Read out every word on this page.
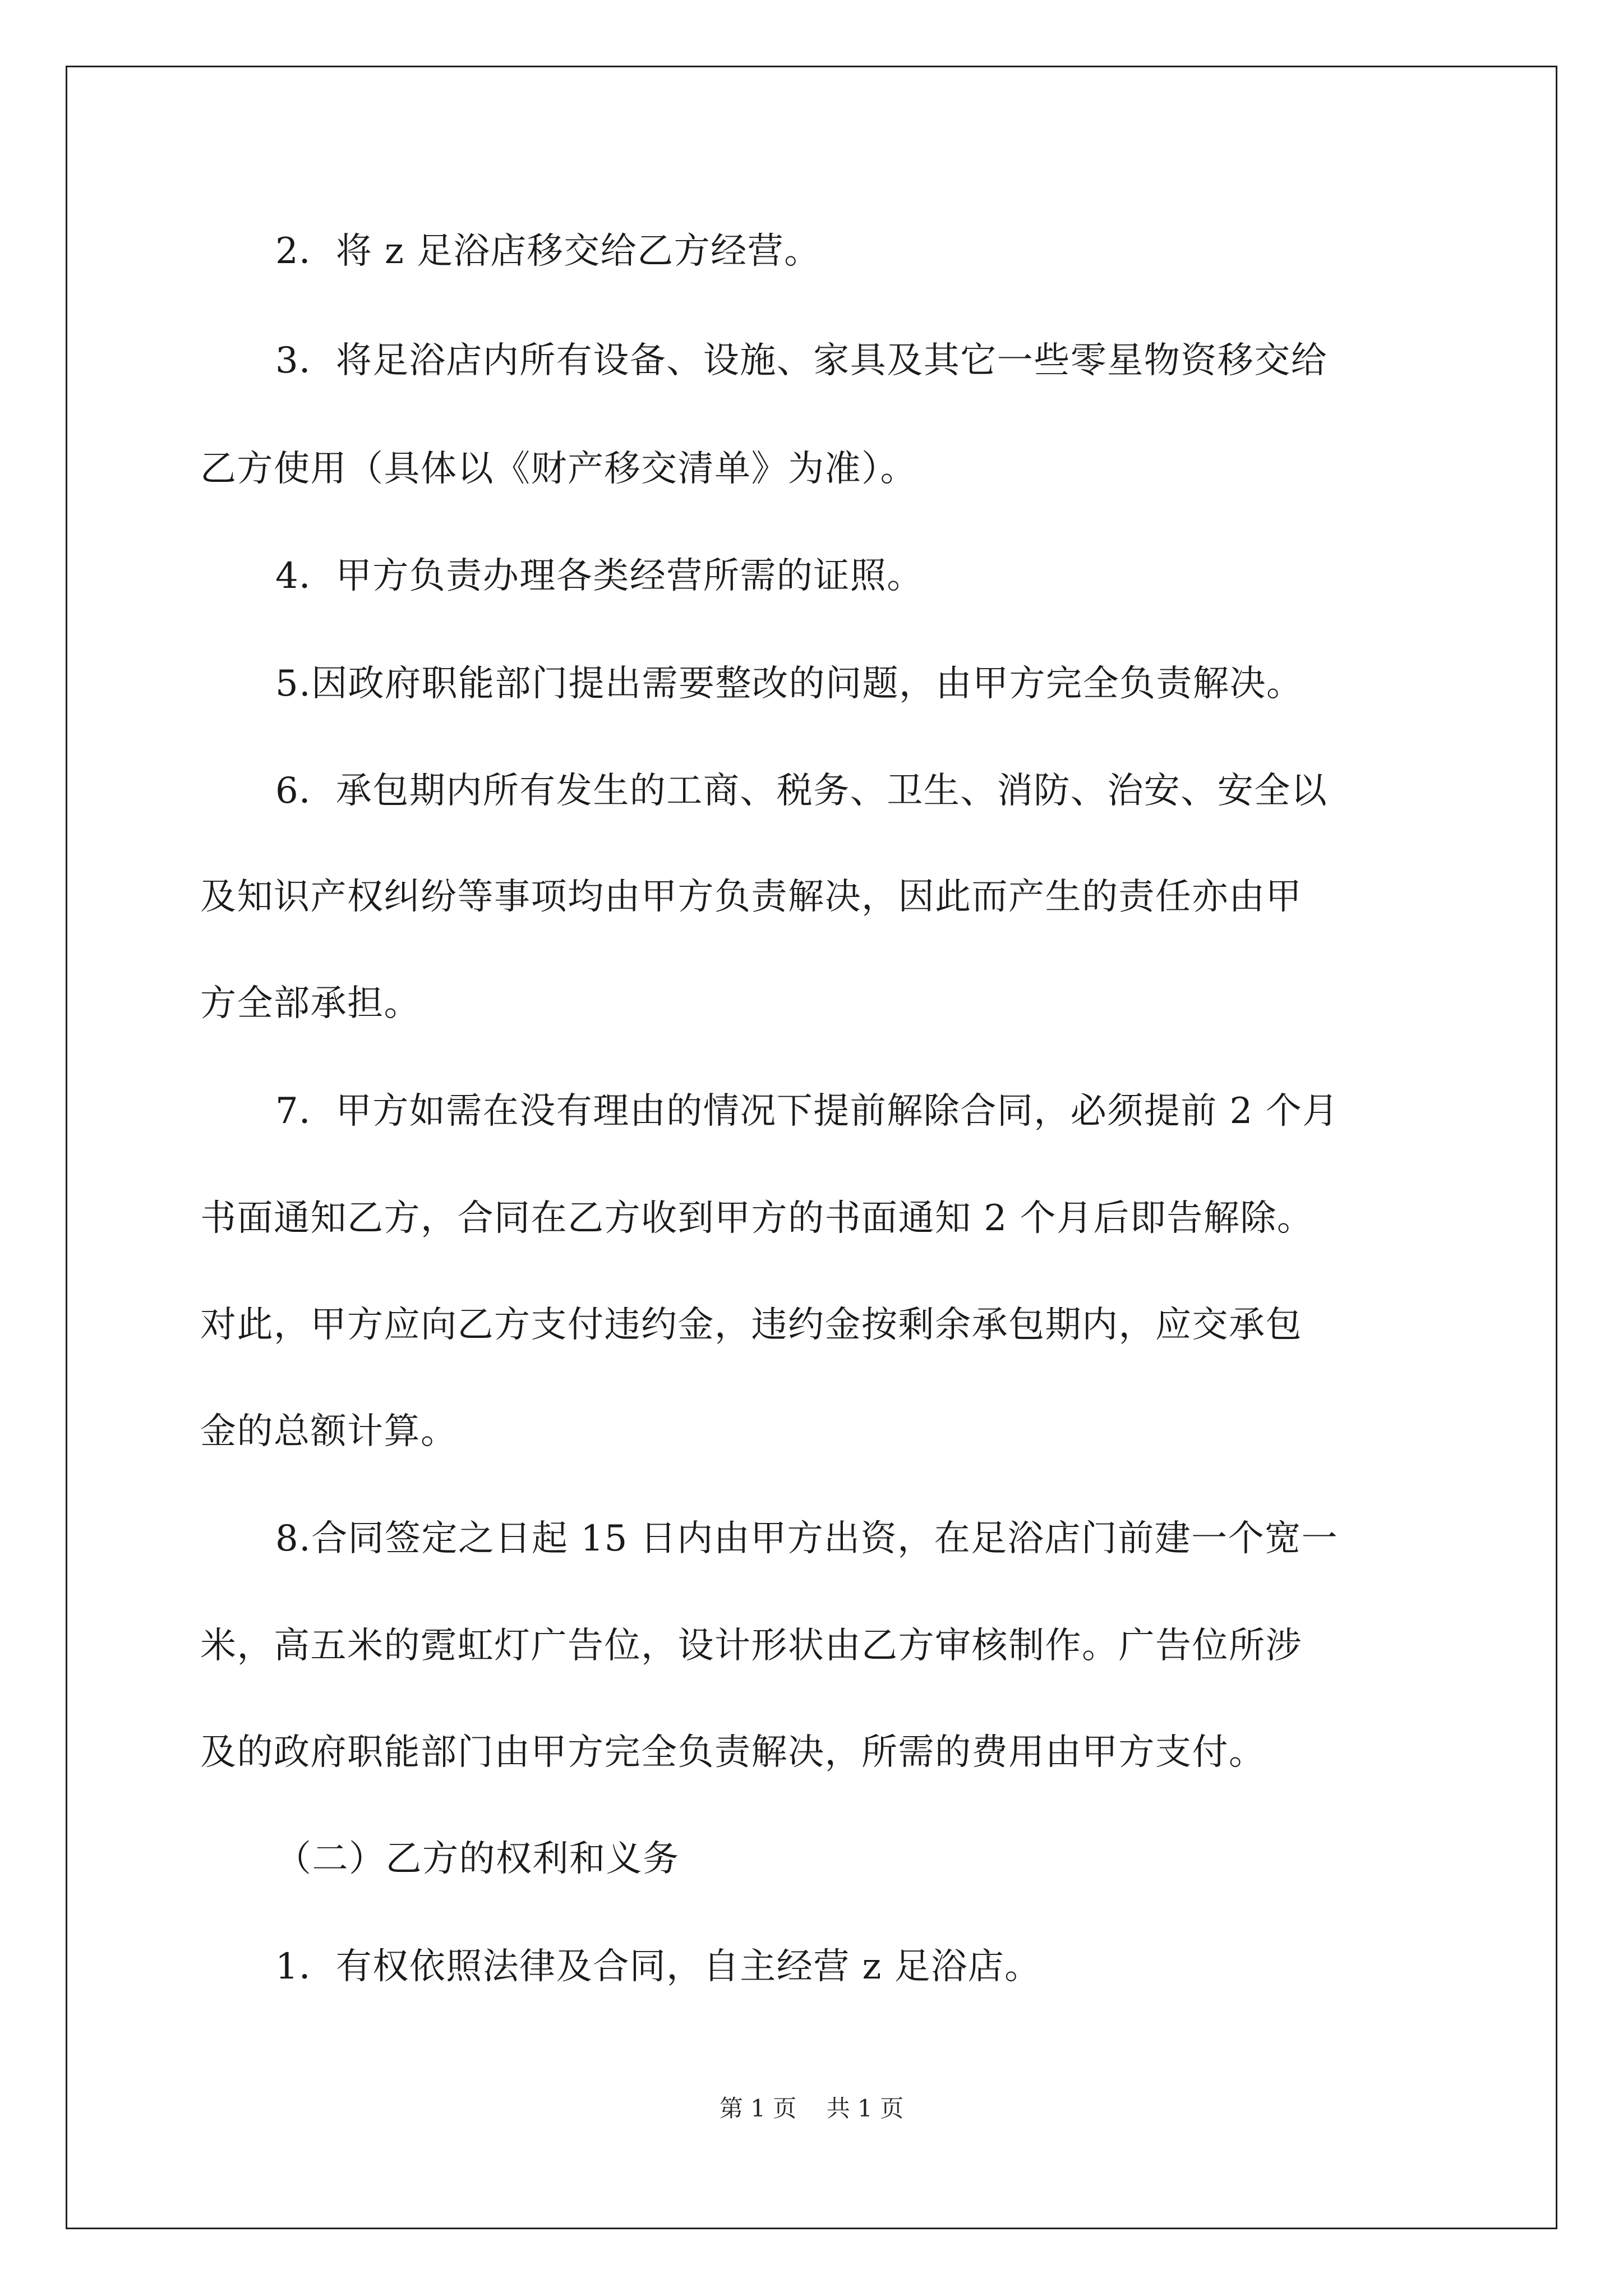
2．将 z 足浴店移交给乙方经营。

3．将足浴店内所有设备、设施、家具及其它一些零星物资移交给

乙方使用（具体以《财产移交清单》为准）。

4．甲方负责办理各类经营所需的证照。

5.因政府职能部门提出需要整改的问题，由甲方完全负责解决。

6．承包期内所有发生的工商、税务、卫生、消防、治安、安全以

及知识产权纠纷等事项均由甲方负责解决，因此而产生的责任亦由甲

方全部承担。

7．甲方如需在没有理由的情况下提前解除合同，必须提前 2 个月

书面通知乙方，合同在乙方收到甲方的书面通知 2 个月后即告解除。

对此，甲方应向乙方支付违约金，违约金按剩余承包期内，应交承包

金的总额计算。

8.合同签定之日起 15 日内由甲方出资，在足浴店门前建一个宽一

米，高五米的霓虹灯广告位，设计形状由乙方审核制作。广告位所涉

及的政府职能部门由甲方完全负责解决，所需的费用由甲方支付。

（二）乙方的权利和义务

1．有权依照法律及合同，自主经营 z 足浴店。

第 1 页    共 1 页
